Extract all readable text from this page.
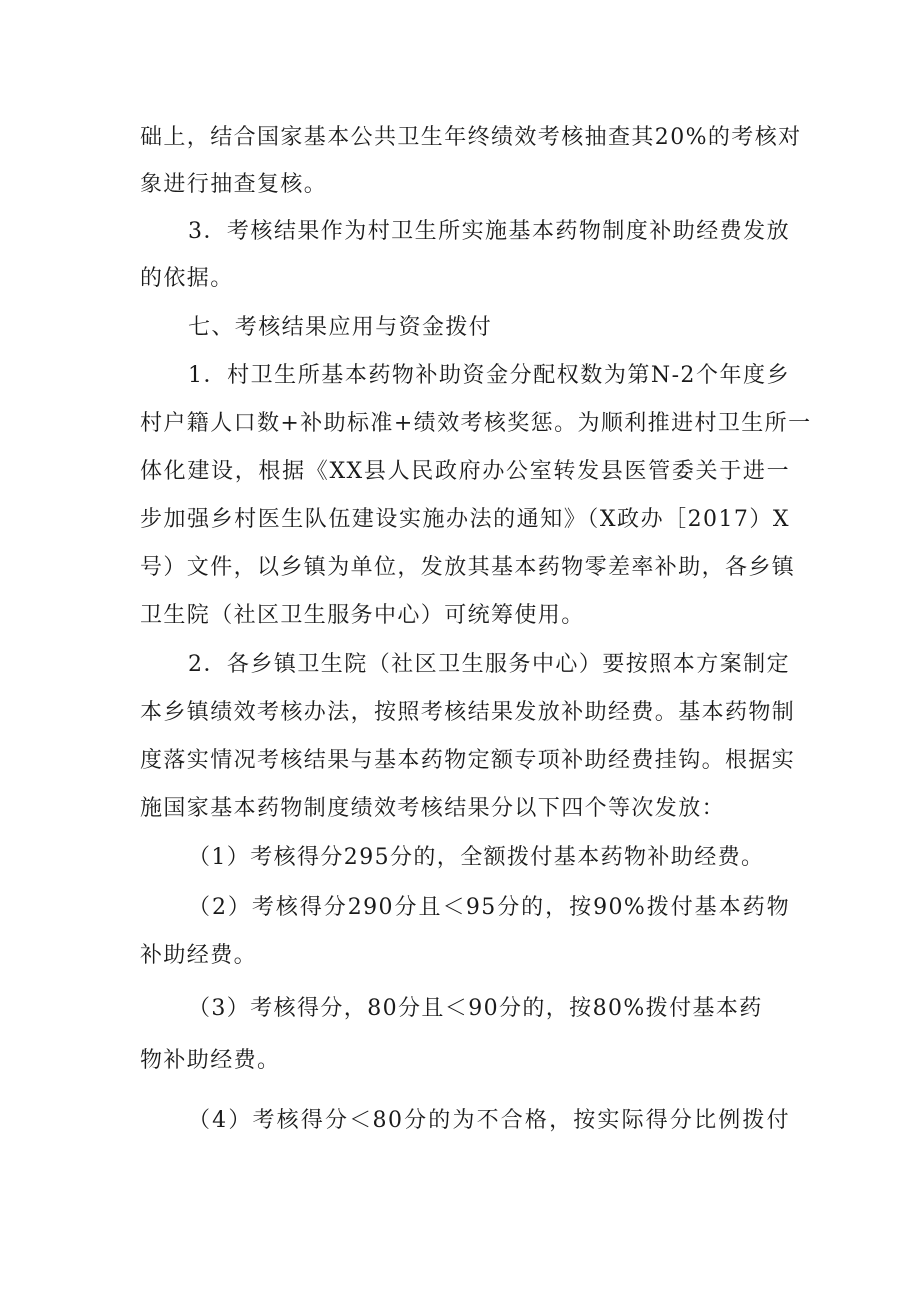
础上，结合国家基本公共卫生年终绩效考核抽查其20%的考核对
象进行抽查复核。
3．考核结果作为村卫生所实施基本药物制度补助经费发放
的依据。
七、考核结果应用与资金拨付
1．村卫生所基本药物补助资金分配权数为第N-2个年度乡
村户籍人口数+补助标准+绩效考核奖惩。为顺利推进村卫生所一
体化建设，根据《XX县人民政府办公室转发县医管委关于进一
步加强乡村医生队伍建设实施办法的通知》（X政办［2017）X
号）文件，以乡镇为单位，发放其基本药物零差率补助，各乡镇
卫生院（社区卫生服务中心）可统筹使用。
2．各乡镇卫生院（社区卫生服务中心）要按照本方案制定
本乡镇绩效考核办法，按照考核结果发放补助经费。基本药物制
度落实情况考核结果与基本药物定额专项补助经费挂钩。根据实
施国家基本药物制度绩效考核结果分以下四个等次发放：
（1）考核得分295分的，全额拨付基本药物补助经费。
（2）考核得分290分且＜95分的，按90%拨付基本药物
补助经费。
（3）考核得分，80分且＜90分的，按80%拨付基本药
物补助经费。
（4）考核得分＜80分的为不合格，按实际得分比例拨付
